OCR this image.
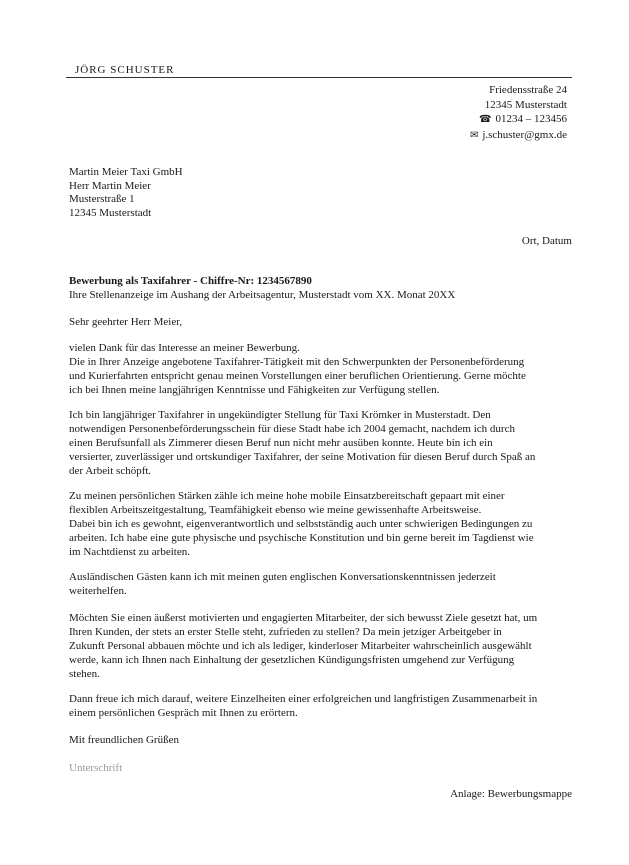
JÖRG SCHUSTER
Friedensstraße 24
12345 Musterstadt
☎ 01234 – 123456
✉ j.schuster@gmx.de
Martin Meier Taxi GmbH
Herr Martin Meier
Musterstraße 1
12345 Musterstadt
Ort, Datum
Bewerbung als Taxifahrer - Chiffre-Nr: 1234567890
Ihre Stellenanzeige im Aushang der Arbeitsagentur, Musterstadt vom XX. Monat 20XX
Sehr geehrter Herr Meier,
vielen Dank für das Interesse an meiner Bewerbung.
Die in Ihrer Anzeige angebotene Taxifahrer-Tätigkeit mit den Schwerpunkten der Personenbeförderung
und Kurierfahrten entspricht genau meinen Vorstellungen einer beruflichen Orientierung. Gerne möchte
ich bei Ihnen meine langjährigen Kenntnisse und Fähigkeiten zur Verfügung stellen.
Ich bin langjähriger Taxifahrer in ungekündigter Stellung für Taxi Krömker in Musterstadt. Den
notwendigen Personenbeförderungsschein für diese Stadt habe ich 2004 gemacht, nachdem ich durch
einen Berufsunfall als Zimmerer diesen Beruf nun nicht mehr ausüben konnte. Heute bin ich ein
versierter, zuverlässiger und ortskundiger Taxifahrer, der seine Motivation für diesen Beruf durch Spaß an
der Arbeit schöpft.
Zu meinen persönlichen Stärken zähle ich meine hohe mobile Einsatzbereitschaft gepaart mit einer
flexiblen Arbeitszeitgestaltung, Teamfähigkeit ebenso wie meine gewissenhafte Arbeitsweise.
Dabei bin ich es gewohnt, eigenverantwortlich und selbstständig auch unter schwierigen Bedingungen zu
arbeiten. Ich habe eine gute physische und psychische Konstitution und bin gerne bereit im Tagdienst wie
im Nachtdienst zu arbeiten.
Ausländischen Gästen kann ich mit meinen guten englischen Konversationskenntnissen jederzeit
weiterhelfen.
Möchten Sie einen äußerst motivierten und engagierten Mitarbeiter, der sich bewusst Ziele gesetzt hat, um
Ihren Kunden, der stets an erster Stelle steht, zufrieden zu stellen? Da mein jetziger Arbeitgeber in
Zukunft Personal abbauen möchte und ich als lediger, kinderloser Mitarbeiter wahrscheinlich ausgewählt
werde, kann ich Ihnen nach Einhaltung der gesetzlichen Kündigungsfristen umgehend zur Verfügung
stehen.
Dann freue ich mich darauf, weitere Einzelheiten einer erfolgreichen und langfristigen Zusammenarbeit in
einem persönlichen Gespräch mit Ihnen zu erörtern.
Mit freundlichen Grüßen
Unterschrift
Anlage: Bewerbungsmappe
